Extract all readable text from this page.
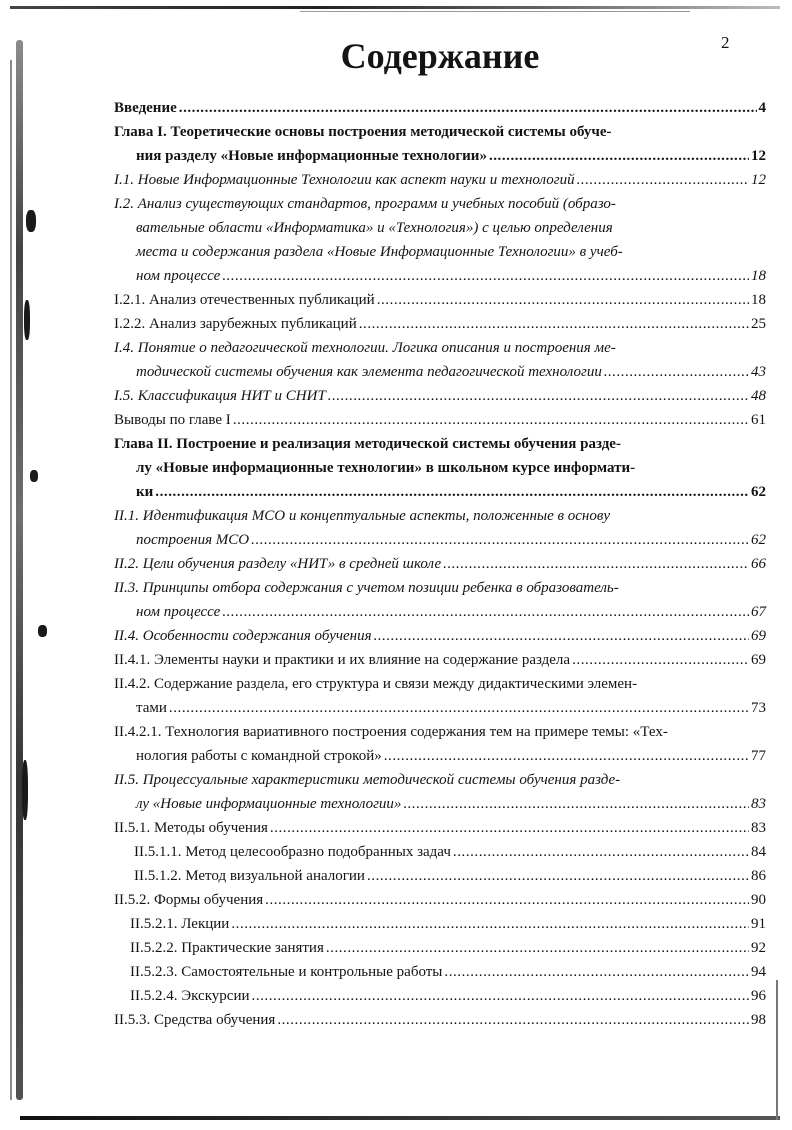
2
Содержание
Введение . . .	4
Глава I. Теоретические основы построения методической системы обуче-
ния разделу «Новые информационные технологии» . . .	12
I.1. Новые Информационные Технологии как аспект науки и технологий . . .	12
I.2. Анализ существующих стандартов, программ и учебных пособий (образо-
вательные области «Информатика» и «Технология») с целью определения
места и содержания раздела «Новые Информационные Технологии» в учеб-
ном процессе . . .	18
I.2.1. Анализ отечественных публикаций . . .	18
I.2.2. Анализ зарубежных публикаций . . .	25
I.4. Понятие о педагогической технологии. Логика описания и построения ме-
тодической системы обучения как элемента педагогической технологии . . .	43
I.5. Классификация НИТ и СНИТ . . .	48
Выводы по главе I . . .	61
Глава II. Построение и реализация методической системы обучения разде-
лу «Новые информационные технологии» в школьном курсе информати-
ки . . .	62
II.1. Идентификация МСО и концептуальные аспекты, положенные в основу
построения МСО . . .	62
II.2. Цели обучения разделу «НИТ» в средней школе . . .	66
II.3. Принципы отбора содержания с учетом позиции ребенка в образователь-
ном процессе . . .	67
II.4. Особенности содержания обучения . . .	69
II.4.1. Элементы науки и практики и их влияние на содержание раздела . . .	69
II.4.2. Содержание раздела, его структура и связи между дидактическими элемен-
тами . . .	73
II.4.2.1. Технология вариативного построения содержания тем на примере темы: «Тех-
нология работы с командной строкой» . . .	77
II.5. Процессуальные характеристики методической системы обучения разде-
лу «Новые информационные технологии» . . .	83
II.5.1. Методы обучения . . .	83
II.5.1.1. Метод целесообразно подобранных задач . . .	84
II.5.1.2. Метод визуальной аналогии . . .	86
II.5.2. Формы обучения . . .	90
II.5.2.1. Лекции . . .	91
II.5.2.2. Практические занятия . . .	92
II.5.2.3. Самостоятельные и контрольные работы . . .	94
II.5.2.4. Экскурсии . . .	96
II.5.3. Средства обучения . . .	98
